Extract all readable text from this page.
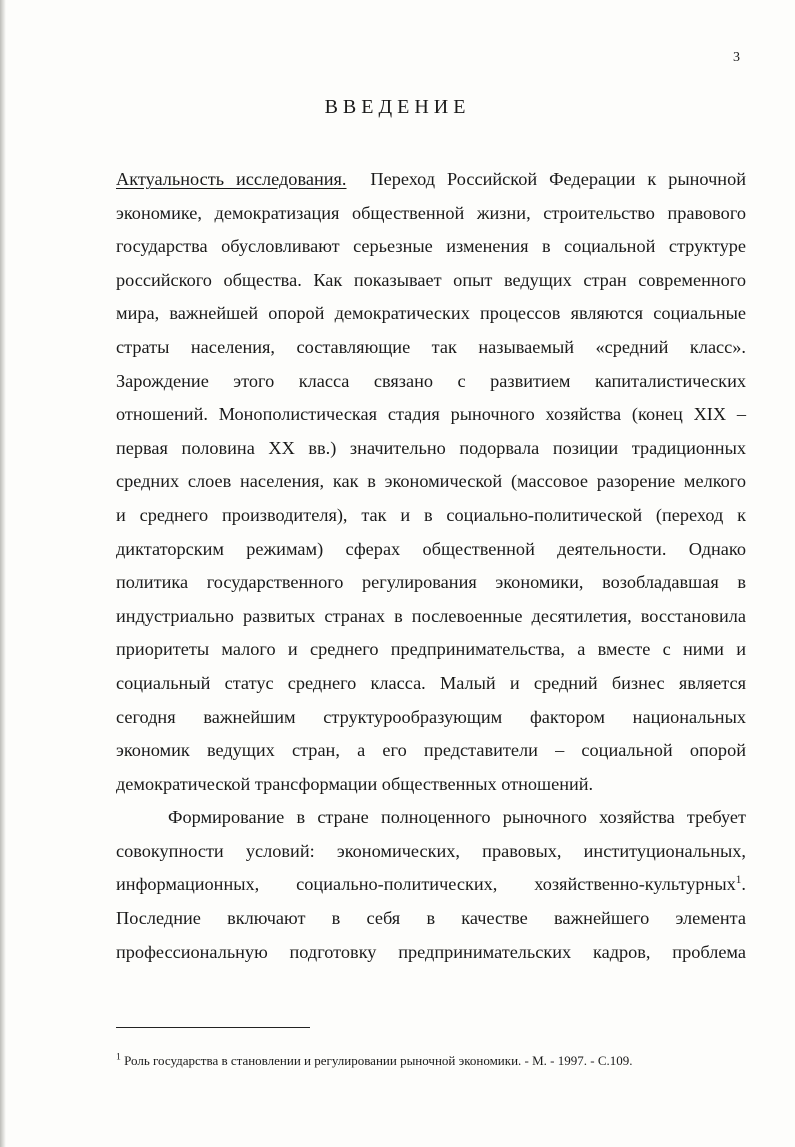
3
ВВЕДЕНИЕ
Актуальность исследования. Переход Российской Федерации к рыночной
экономике, демократизация общественной жизни, строительство правового
государства обусловливают серьезные изменения в социальной структуре
российского общества. Как показывает опыт ведущих стран современного
мира, важнейшей опорой демократических процессов являются социальные
страты населения, составляющие так называемый «средний класс».
Зарождение этого класса связано с развитием капиталистических
отношений. Монополистическая стадия рыночного хозяйства (конец XIX –
первая половина XX вв.) значительно подорвала позиции традиционных
средних слоев населения, как в экономической (массовое разорение мелкого
и среднего производителя), так и в социально-политической (переход к
диктаторским режимам) сферах общественной деятельности. Однако
политика государственного регулирования экономики, возобладавшая в
индустриально развитых странах в послевоенные десятилетия, восстановила
приоритеты малого и среднего предпринимательства, а вместе с ними и
социальный статус среднего класса. Малый и средний бизнес является
сегодня важнейшим структурообразующим фактором национальных
экономик ведущих стран, а его представители – социальной опорой
демократической трансформации общественных отношений.
Формирование в стране полноценного рыночного хозяйства требует
совокупности условий: экономических, правовых, институциональных,
информационных, социально-политических, хозяйственно-культурных$^1$.
Последние включают в себя в качестве важнейшего элемента
профессиональную подготовку предпринимательских кадров, проблема
$^1$ Роль государства в становлении и регулировании рыночной экономики. - М. - 1997. - С.109.
